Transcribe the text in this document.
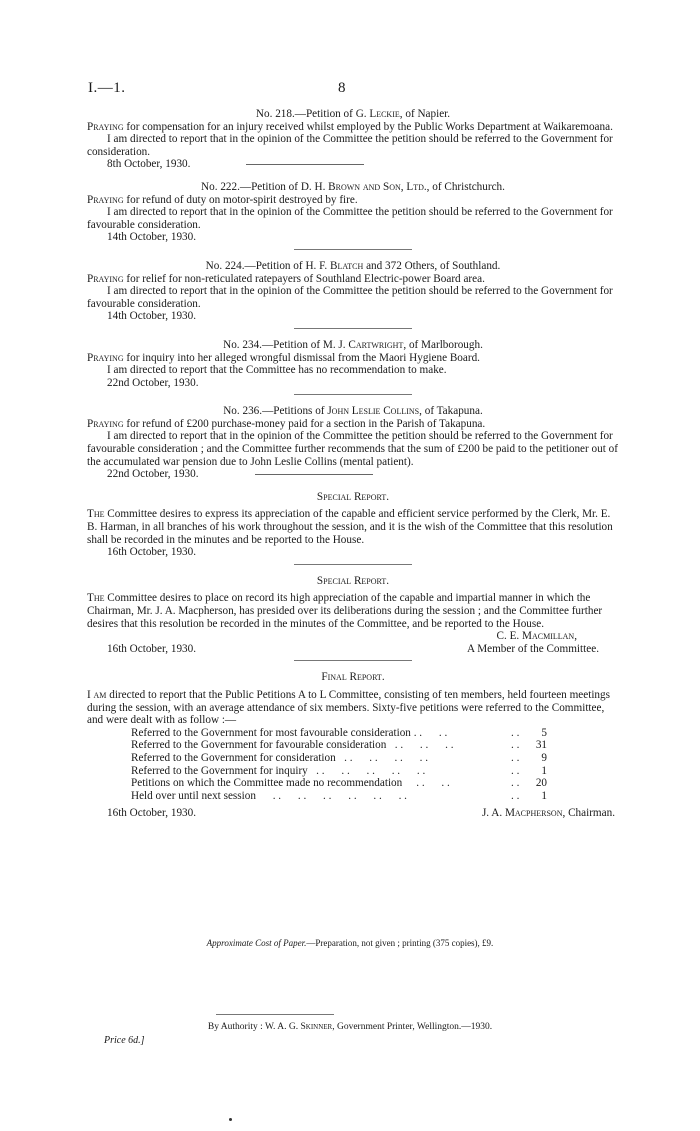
I.—1.	8

No. 218.—Petition of G. Leckie, of Napier.

Praying for compensation for an injury received whilst employed by the Public Works Department at Waikaremoana.

I am directed to report that in the opinion of the Committee the petition should be referred to the Government for consideration.

8th October, 1930.

No. 222.—Petition of D. H. Brown and Son, Ltd., of Christchurch.

Praying for refund of duty on motor-spirit destroyed by fire.

I am directed to report that in the opinion of the Committee the petition should be referred to the Government for favourable consideration.

14th October, 1930.

No. 224.—Petition of H. F. Blatch and 372 Others, of Southland.

Praying for relief for non-reticulated ratepayers of Southland Electric-power Board area.

I am directed to report that in the opinion of the Committee the petition should be referred to the Government for favourable consideration.

14th October, 1930.

No. 234.—Petition of M. J. Cartwright, of Marlborough.

Praying for inquiry into her alleged wrongful dismissal from the Maori Hygiene Board.

I am directed to report that the Committee has no recommendation to make.

22nd October, 1930.

No. 236.—Petitions of John Leslie Collins, of Takapuna.

Praying for refund of £200 purchase-money paid for a section in the Parish of Takapuna.

I am directed to report that in the opinion of the Committee the petition should be referred to the Government for favourable consideration ; and the Committee further recommends that the sum of £200 be paid to the petitioner out of the accumulated war pension due to John Leslie Collins (mental patient).

22nd October, 1930.

Special Report.

The Committee desires to express its appreciation of the capable and efficient service performed by the Clerk, Mr. E. B. Harman, in all branches of his work throughout the session, and it is the wish of the Committee that this resolution shall be recorded in the minutes and be reported to the House.

16th October, 1930.

Special Report.

The Committee desires to place on record its high appreciation of the capable and impartial manner in which the Chairman, Mr. J. A. Macpherson, has presided over its deliberations during the session ; and the Committee further desires that this resolution be recorded in the minutes of the Committee, and be reported to the House.

C. E. Macmillan,
16th October, 1930.	A Member of the Committee.

Final Report.

I am directed to report that the Public Petitions A to L Committee, consisting of ten members, held fourteen meetings during the session, with an average attendance of six members. Sixty-five petitions were referred to the Committee, and were dealt with as follow :—

Referred to the Government for most favourable consideration . .      . .	. . 5
Referred to the Government for favourable consideration   . .      . .      . .	. . 31
Referred to the Government for consideration   . .      . .      . .      . .	. . 9
Referred to the Government for inquiry   . .      . .      . .      . .      . .	. . 1
Petitions on which the Committee made no recommendation     . .      . .	. . 20
Held over until next session      . .      . .      . .      . .      . .      . .	. . 1
16th October, 1930.	J. A. Macpherson, Chairman.
Approximate Cost of Paper.—Preparation, not given ; printing (375 copies), £9.
By Authority : W. A. G. Skinner, Government Printer, Wellington.—1930.
Price 6d.]
